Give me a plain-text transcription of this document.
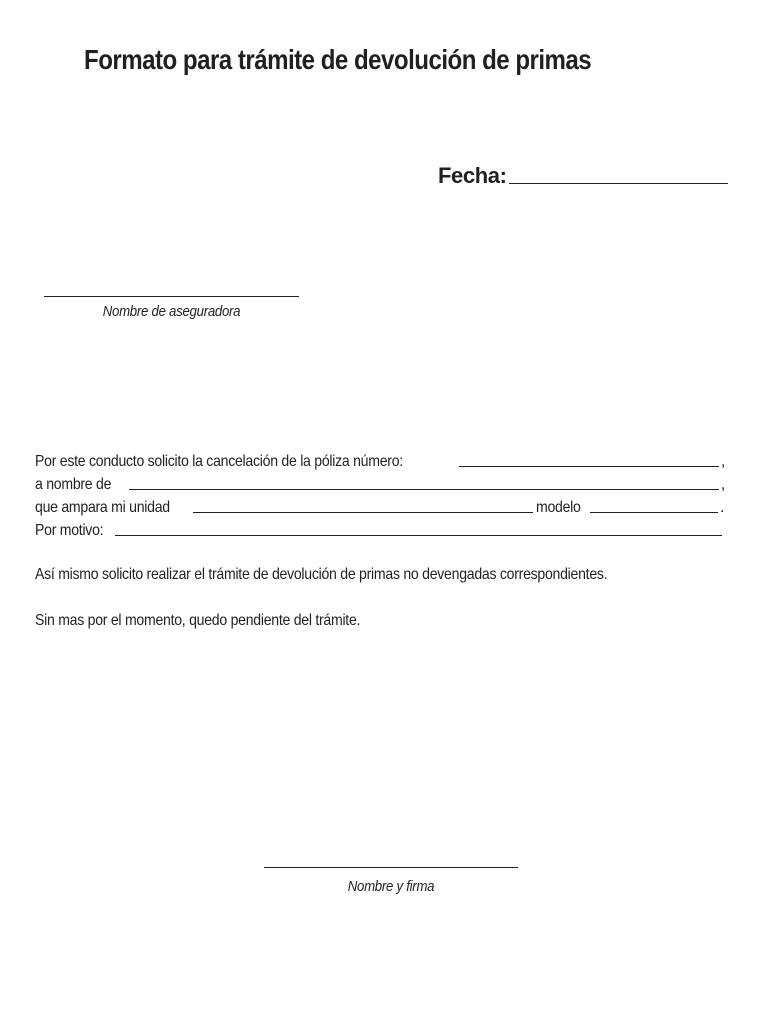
Formato para trámite de devolución de primas
Fecha:
Nombre de aseguradora
Por este conducto solicito la cancelación de la póliza número:	,
a nombre de	,
que ampara mi unidad	modelo	.
Por motivo:
Así mismo solicito realizar el trámite de devolución de primas no devengadas correspondientes.
Sin mas por el momento, quedo pendiente del trámite.
Nombre y firma
